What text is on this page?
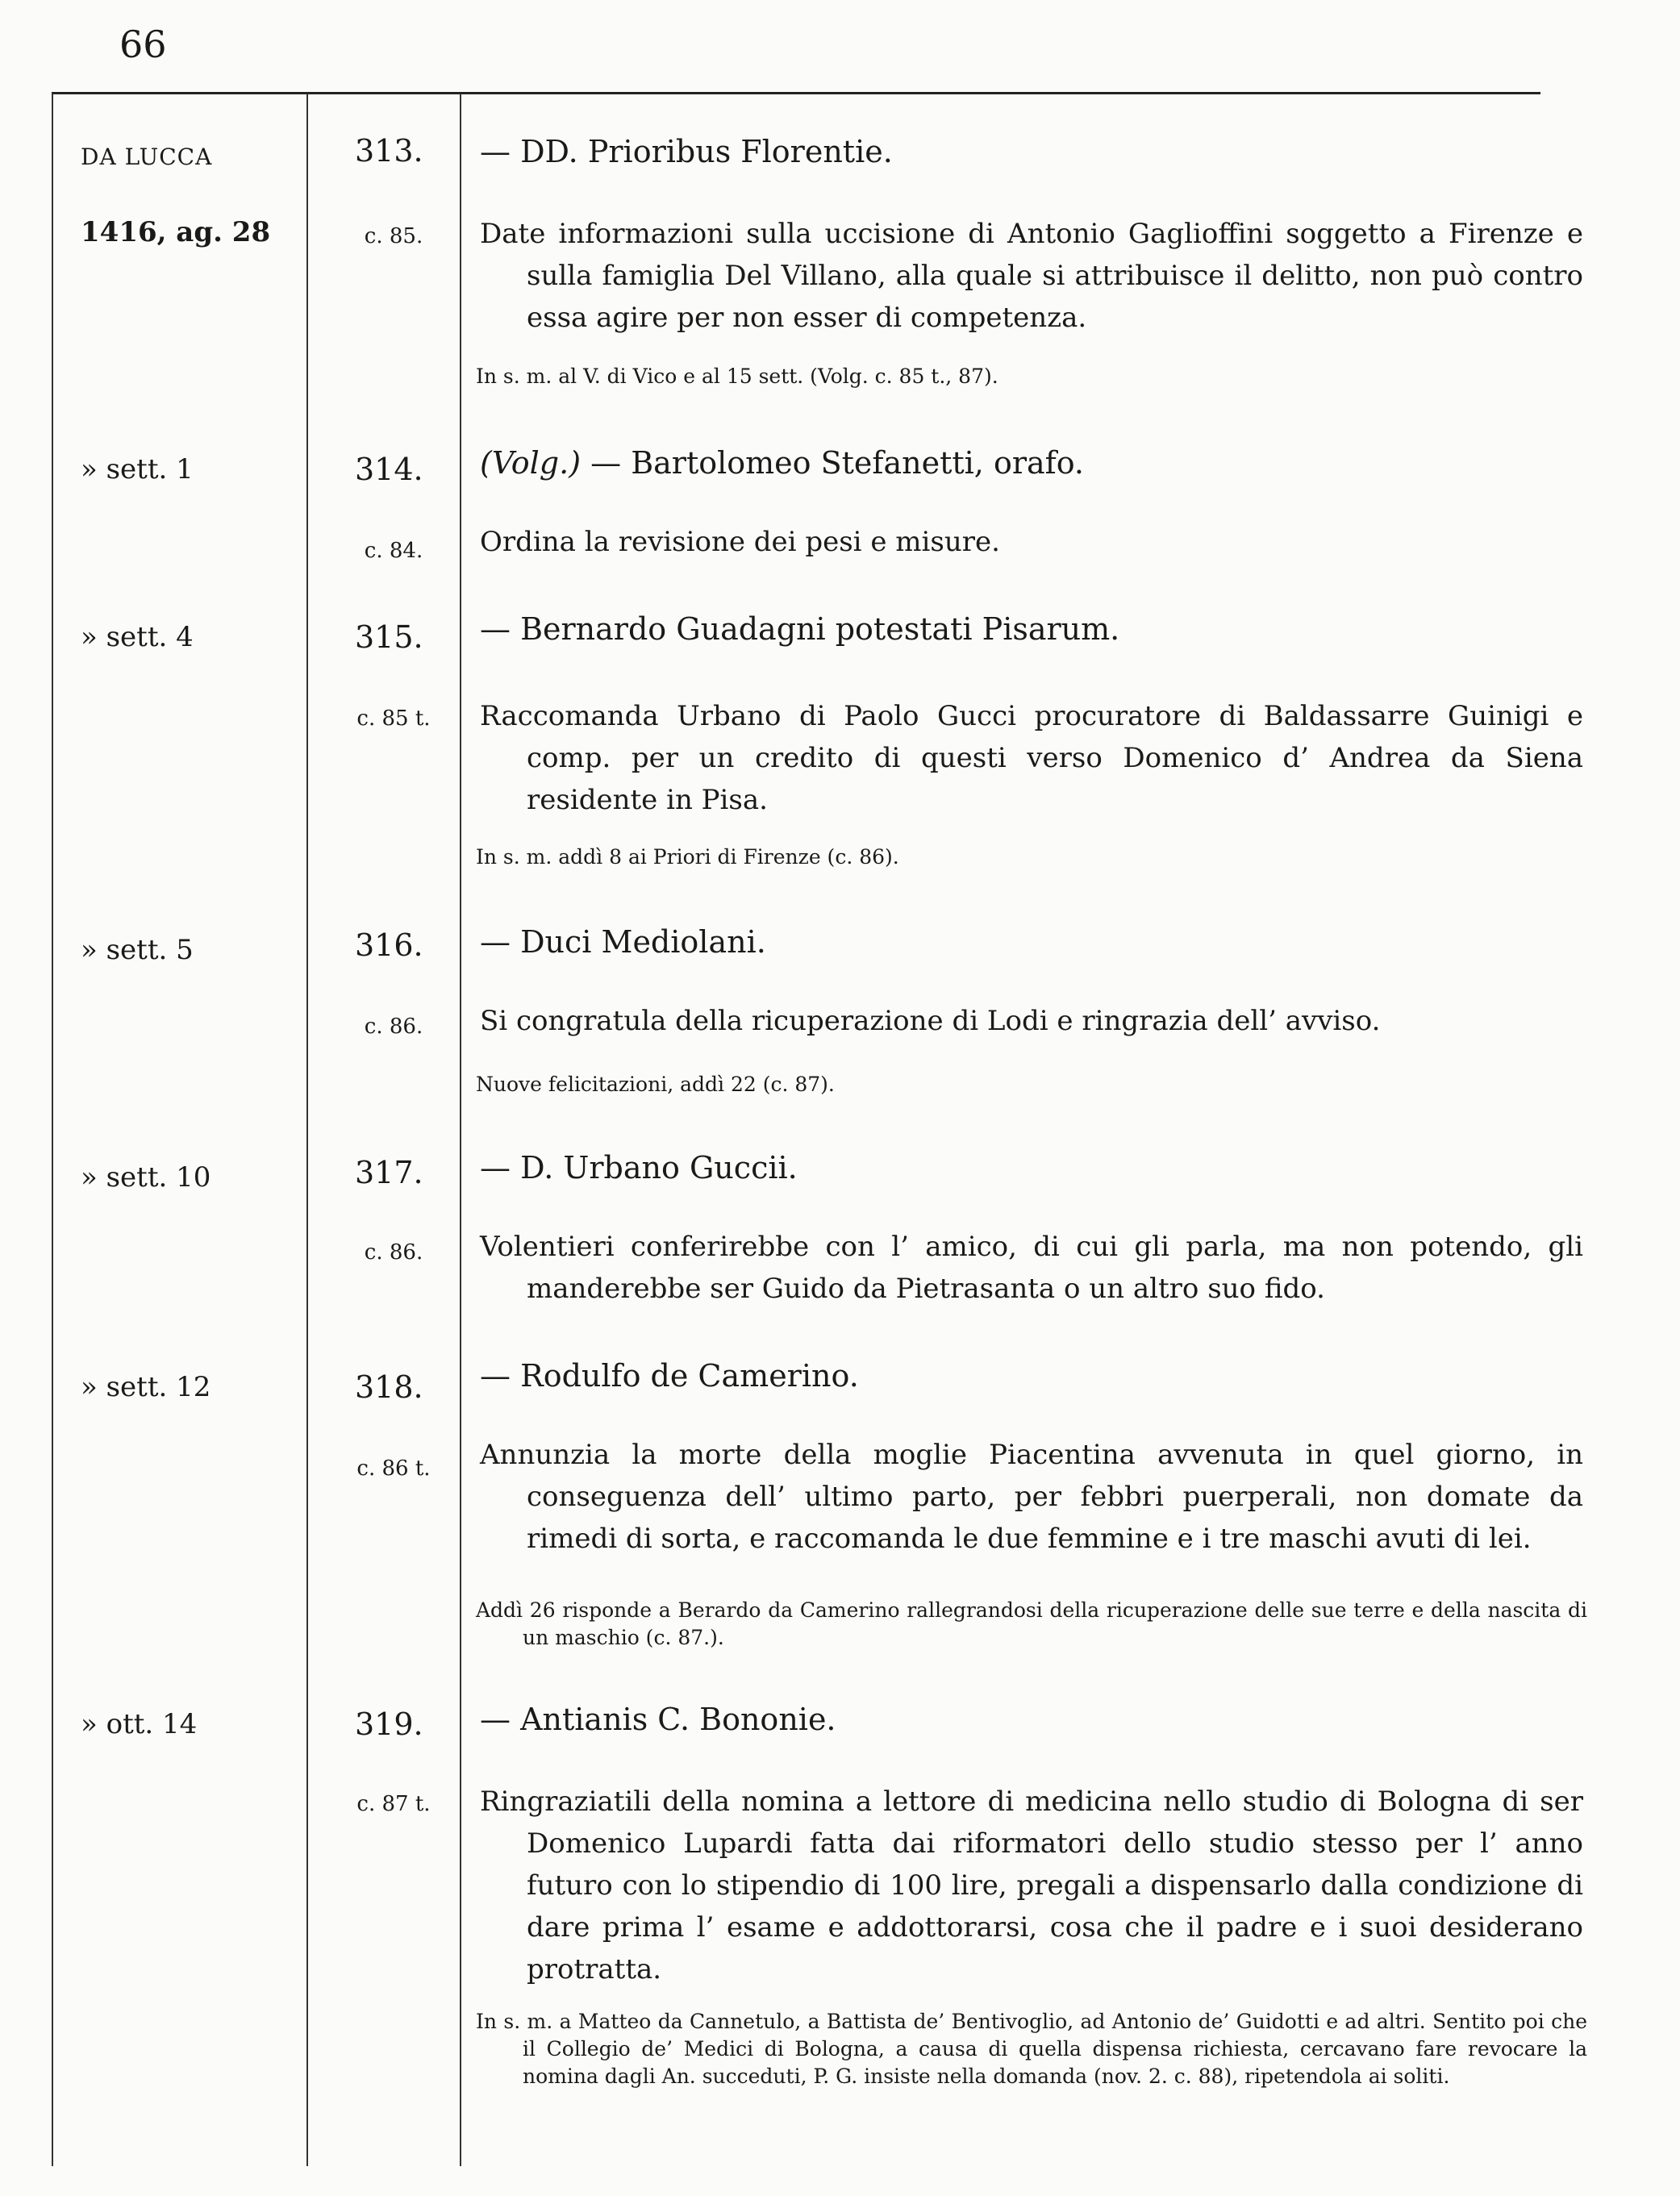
66
DA LUCCA	313. — DD. Prioribus Florentie.
1416, ag. 28	c. 85.	Date informazioni sulla uccisione di Antonio Gaglioffini soggetto a Firenze e sulla famiglia Del Villano, alla quale si attribuisce il delitto, non può contro essa agire per non esser di competenza.
In s. m. al V. di Vico e al 15 sett. (Volg. c. 85 t., 87).
» sett. 1	314. (Volg.) — Bartolomeo Stefanetti, orafo.
c. 84.	Ordina la revisione dei pesi e misure.
» sett. 4	315. — Bernardo Guadagni potestati Pisarum.
c. 85 t.	Raccomanda Urbano di Paolo Gucci procuratore di Baldassarre Guinigi e comp. per un credito di questi verso Domenico d’ Andrea da Siena residente in Pisa.
In s. m. addì 8 ai Priori di Firenze (c. 86).
» sett. 5	316. — Duci Mediolani.
c. 86.	Si congratula della ricuperazione di Lodi e ringrazia dell’ avviso.
Nuove felicitazioni, addì 22 (c. 87).
» sett. 10	317. — D. Urbano Guccii.
c. 86.	Volentieri conferirebbe con l’ amico, di cui gli parla, ma non potendo, gli manderebbe ser Guido da Pietrasanta o un altro suo fido.
» sett. 12	318. — Rodulfo de Camerino.
c. 86 t.	Annunzia la morte della moglie Piacentina avvenuta in quel giorno, in conseguenza dell’ ultimo parto, per febbri puerperali, non domate da rimedi di sorta, e raccomanda le due femmine e i tre maschi avuti di lei.
Addì 26 risponde a Berardo da Camerino rallegrandosi della ricuperazione delle sue terre e della nascita di un maschio (c. 87.).
» ott. 14	319. — Antianis C. Bononie.
c. 87 t.	Ringraziatili della nomina a lettore di medicina nello studio di Bologna di ser Domenico Lupardi fatta dai riformatori dello studio stesso per l’ anno futuro con lo stipendio di 100 lire, pregali a dispensarlo dalla condizione di dare prima l’ esame e addottorarsi, cosa che il padre e i suoi desiderano protratta.
In s. m. a Matteo da Cannetulo, a Battista de’ Bentivoglio, ad Antonio de’ Guidotti e ad altri. Sentito poi che il Collegio de’ Medici di Bologna, a causa di quella dispensa richiesta, cercavano fare revocare la nomina dagli An. succeduti, P. G. insiste nella domanda (nov. 2. c. 88), ripetendola ai soliti.
